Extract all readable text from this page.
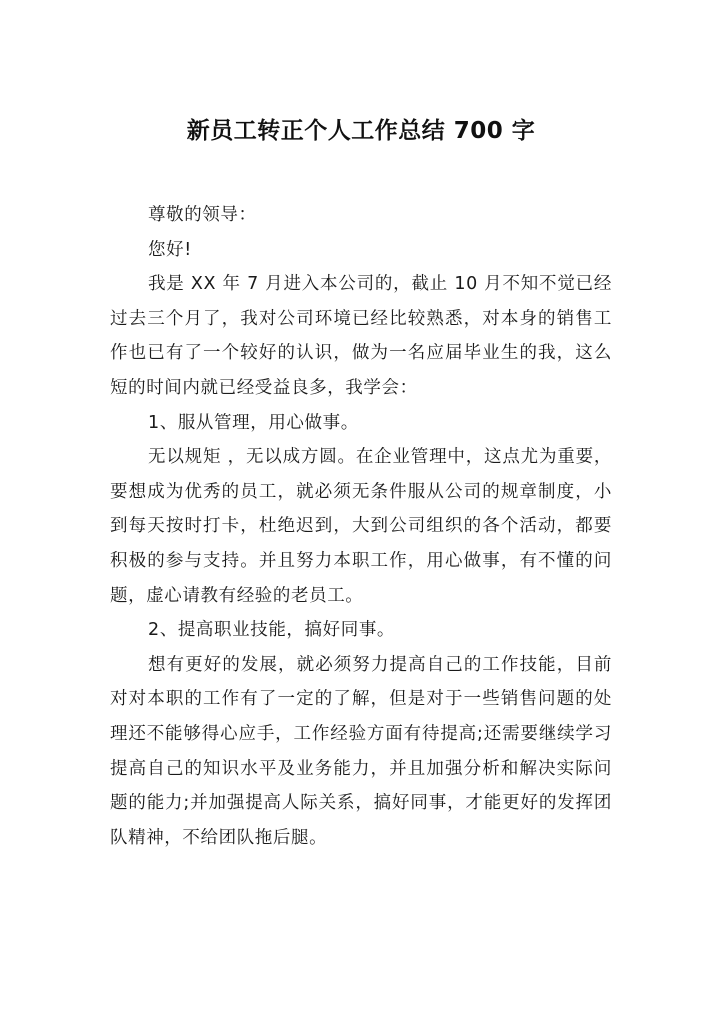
新员工转正个人工作总结 700 字

尊敬的领导：

您好!

我是 XX 年 7 月进入本公司的，截止 10 月不知不觉已经过去三个月了，我对公司环境已经比较熟悉，对本身的销售工作也已有了一个较好的认识，做为一名应届毕业生的我，这么短的时间内就已经受益良多，我学会：

1、服从管理，用心做事。

无以规矩 ，无以成方圆。在企业管理中，这点尤为重要，要想成为优秀的员工，就必须无条件服从公司的规章制度，小到每天按时打卡，杜绝迟到，大到公司组织的各个活动，都要积极的参与支持。并且努力本职工作，用心做事，有不懂的问题，虚心请教有经验的老员工。

2、提高职业技能，搞好同事。

想有更好的发展，就必须努力提高自己的工作技能，目前对对本职的工作有了一定的了解，但是对于一些销售问题的处理还不能够得心应手，工作经验方面有待提高;还需要继续学习提高自己的知识水平及业务能力，并且加强分析和解决实际问题的能力;并加强提高人际关系，搞好同事，才能更好的发挥团队精神，不给团队拖后腿。
